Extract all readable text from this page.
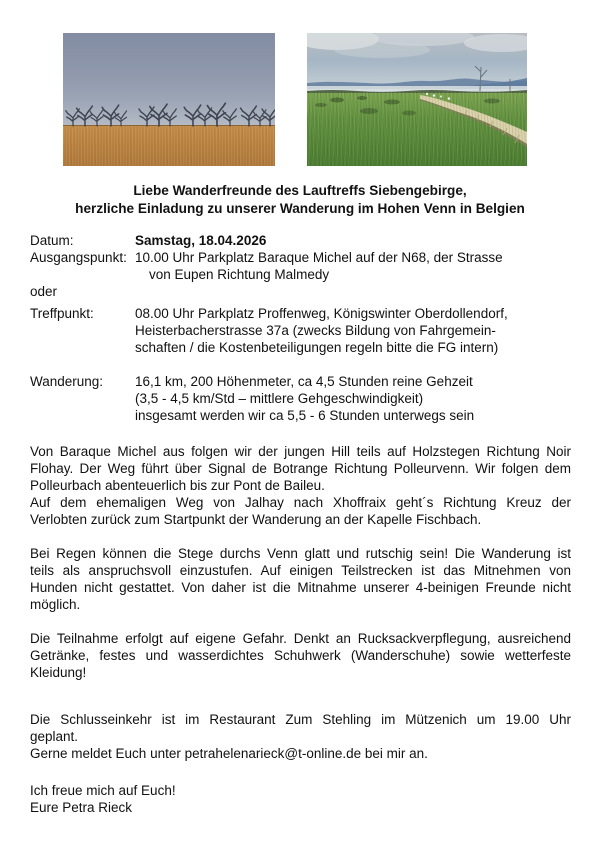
Liebe Wanderfreunde des Lauftreffs Siebengebirge,
herzliche Einladung zu unserer Wanderung im Hohen Venn in Belgien
Datum:	Samstag, 18.04.2026
Ausgangspunkt: 10.00 Uhr Parkplatz Baraque Michel auf der N68, der Strasse
von Eupen Richtung Malmedy
oder
Treffpunkt:	08.00 Uhr Parkplatz Proffenweg, Königswinter Oberdollendorf,
Heisterbacherstrasse 37a (zwecks Bildung von Fahrgemein-
schaften / die Kostenbeteiligungen regeln bitte die FG intern)
Wanderung:	16,1 km, 200 Höhenmeter, ca 4,5 Stunden reine Gehzeit
(3,5 - 4,5 km/Std – mittlere Gehgeschwindigkeit)
insgesamt werden wir ca 5,5 - 6 Stunden unterwegs sein
Von Baraque Michel aus folgen wir der jungen Hill teils auf Holzstegen Richtung Noir
Flohay. Der Weg führt über Signal de Botrange Richtung Polleurvenn. Wir folgen dem
Polleurbach abenteuerlich bis zur Pont de Baileu.
Auf dem ehemaligen Weg von Jalhay nach Xhoffraix geht´s Richtung Kreuz der
Verlobten zurück zum Startpunkt der Wanderung an der Kapelle Fischbach.
Bei Regen können die Stege durchs Venn glatt und rutschig sein! Die Wanderung ist
teils als anspruchsvoll einzustufen. Auf einigen Teilstrecken ist das Mitnehmen von
Hunden nicht gestattet. Von daher ist die Mitnahme unserer 4-beinigen Freunde nicht
möglich.
Die Teilnahme erfolgt auf eigene Gefahr. Denkt an Rucksackverpflegung, ausreichend
Getränke, festes und wasserdichtes Schuhwerk (Wanderschuhe) sowie wetterfeste
Kleidung!
Die Schlusseinkehr ist im Restaurant Zum Stehling im Mützenich um 19.00 Uhr
geplant.
Gerne meldet Euch unter petrahelenarieck@t-online.de bei mir an.
Ich freue mich auf Euch!
Eure Petra Rieck
